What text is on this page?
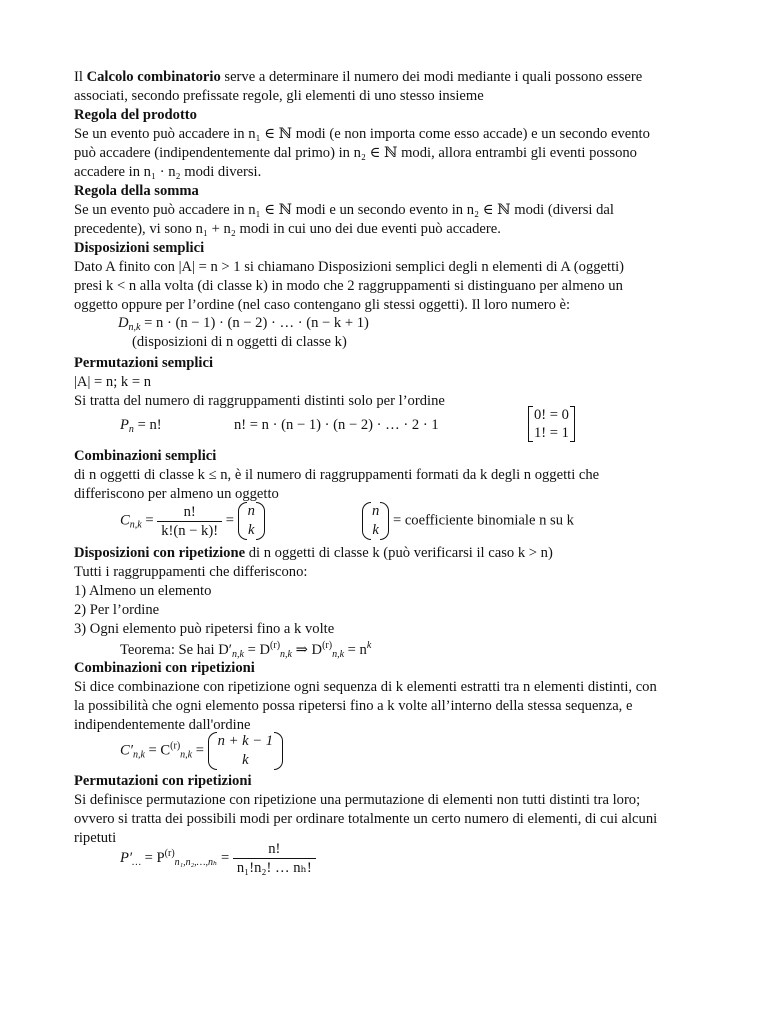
Il Calcolo combinatorio serve a determinare il numero dei modi mediante i quali possono essere
associati, secondo prefissate regole, gli elementi di uno stesso insieme
Regola del prodotto
Se un evento può accadere in n₁ ∈ ℕ modi (e non importa come esso accade) e un secondo evento
può accadere (indipendentemente dal primo) in n₂ ∈ ℕ modi, allora entrambi gli eventi possono
accadere in n₁ · n₂ modi diversi.
Regola della somma
Se un evento può accadere in n₁ ∈ ℕ modi e un secondo evento in n₂ ∈ ℕ modi (diversi dal
precedente), vi sono n₁ + n₂ modi in cui uno dei due eventi può accadere.
Disposizioni semplici
Dato A finito con |A| = n > 1 si chiamano Disposizioni semplici degli n elementi di A (oggetti)
presi k < n alla volta (di classe k) in modo che 2 raggruppamenti si distinguano per almeno un
oggetto oppure per l’ordine (nel caso contengano gli stessi oggetti). Il loro numero è:
$D_{n,k} = n \cdot (n - 1) \cdot (n - 2)$ · … · (n − k + 1)
(disposizioni di n oggetti di classe k)
Permutazioni semplici
|A| = n; k = n
Si tratta del numero di raggruppamenti distinti solo per l’ordine
$P_n = n$!	n! = n · (n − 1) · (n − 2) · … · 2 · 1
0! = 0
1! = 1
Combinazioni semplici
di n oggetti di classe k ≤ n, è il numero di raggruppamenti formati da k degli n oggetti che
differiscono per almeno un oggetto
$C_{n,k} = \frac{n!}{k!(n - k)!}$ =
n
k
n
k
= coefficiente binomiale n su k
Disposizioni con ripetizione di n oggetti di classe k (può verificarsi il caso k > n)
Tutti i raggruppamenti che differiscono:
1) Almeno un elemento
2) Per l’ordine
3) Ogni elemento può ripetersi fino a k volte
Teorema: Se hai $D'_{n,k} = D^{(r)}_{n,k}$ ⇒ $D^{(r)}_{n,k} = n^k$
Combinazioni con ripetizioni
Si dice combinazione con ripetizione ogni sequenza di k elementi estratti tra n elementi distinti, con
la possibilità che ogni elemento possa ripetersi fino a k volte all’interno della stessa sequenza, e
indipendentemente dall'ordine
$C'_{n,k} = C^{(r)}_{n,k}$ =
n + k − 1
k
Permutazioni con ripetizioni
Si definisce permutazione con ripetizione una permutazione di elementi non tutti distinti tra loro;
ovvero si tratta dei possibili modi per ordinare totalmente un certo numero di elementi, di cui alcuni
ripetuti
$P'_\dots = P^{(r)}_{n_1,n_2,\dots,n_h} = \frac{n!}{\text{n₁!n₂! … nₕ!}}$
